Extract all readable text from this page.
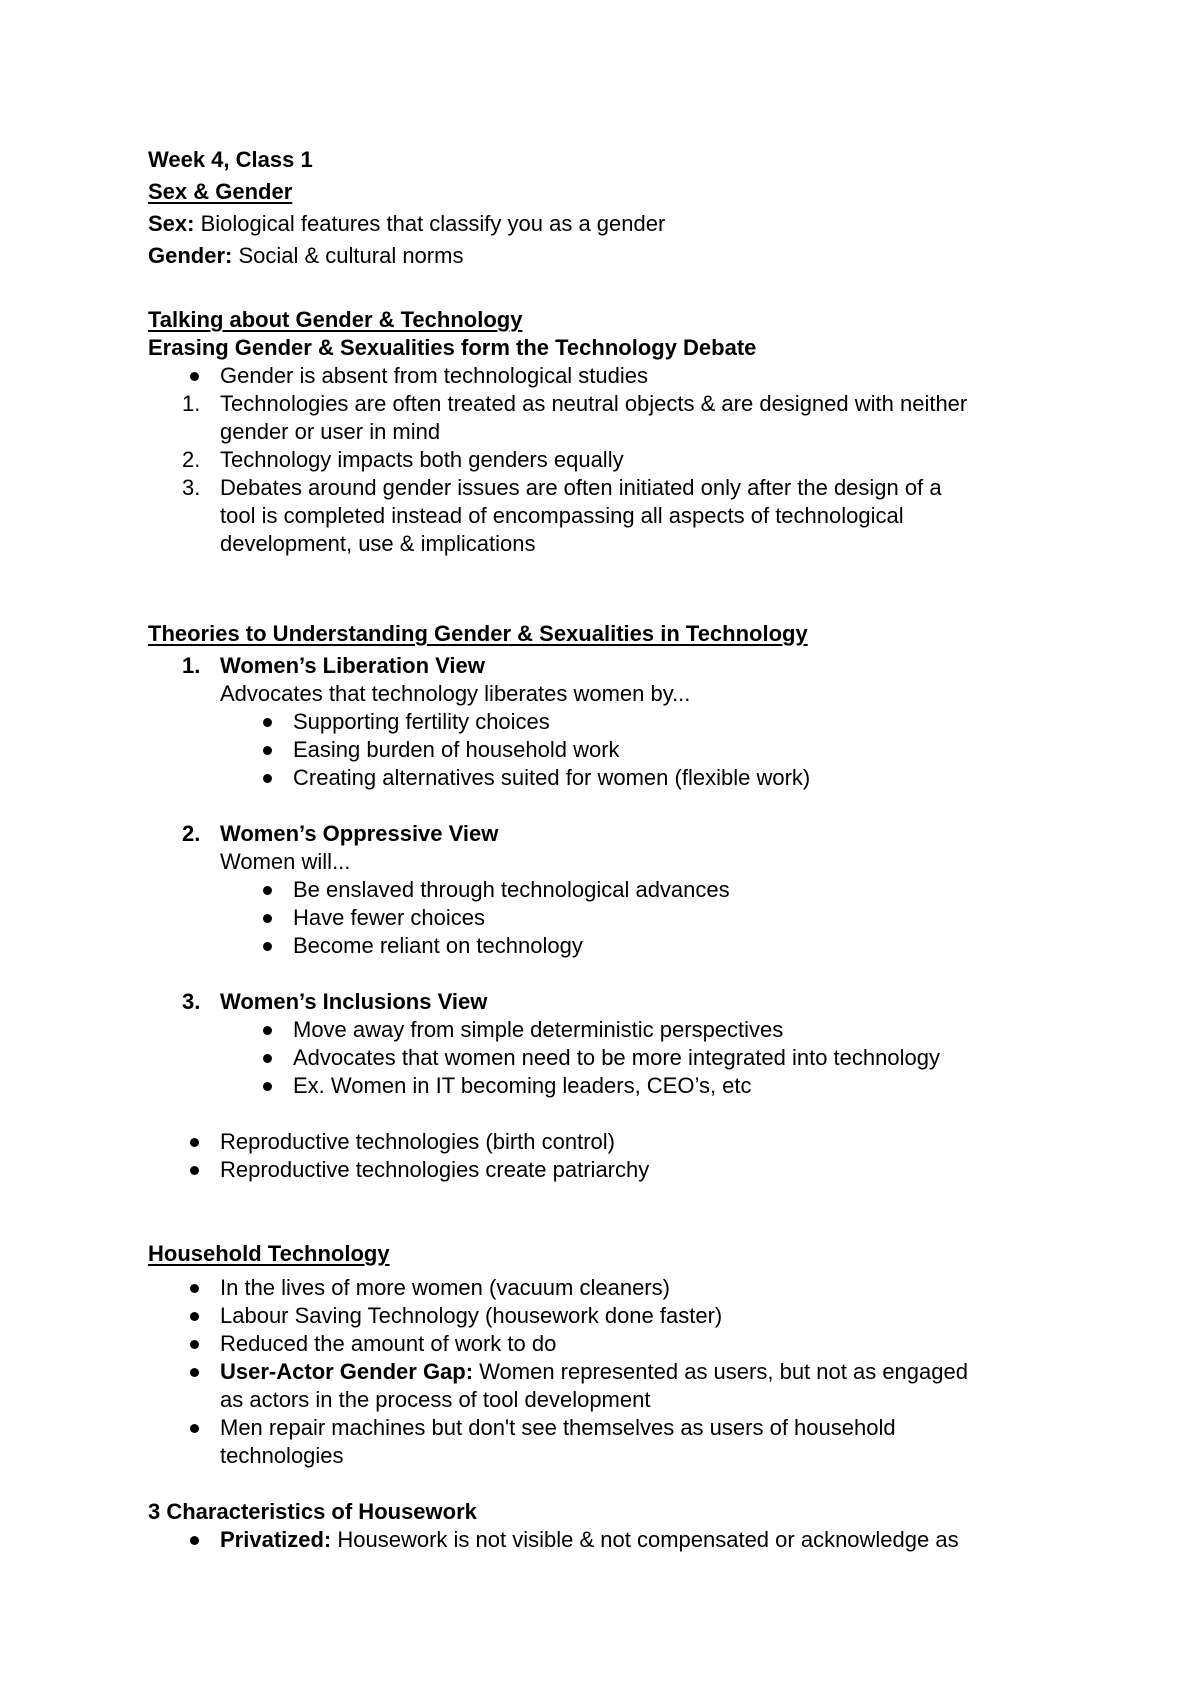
Week 4, Class 1
Sex & Gender
Sex: Biological features that classify you as a gender
Gender: Social & cultural norms
Talking about Gender & Technology
Erasing Gender & Sexualities form the Technology Debate
Gender is absent from technological studies
1. Technologies are often treated as neutral objects & are designed with neither
gender or user in mind
2. Technology impacts both genders equally
3. Debates around gender issues are often initiated only after the design of a
tool is completed instead of encompassing all aspects of technological
development, use & implications
Theories to Understanding Gender & Sexualities in Technology
1. Women’s Liberation View
Advocates that technology liberates women by...
Supporting fertility choices
Easing burden of household work
Creating alternatives suited for women (flexible work)
2. Women’s Oppressive View
Women will...
Be enslaved through technological advances
Have fewer choices
Become reliant on technology
3. Women’s Inclusions View
Move away from simple deterministic perspectives
Advocates that women need to be more integrated into technology
Ex. Women in IT becoming leaders, CEO’s, etc
Reproductive technologies (birth control)
Reproductive technologies create patriarchy
Household Technology
In the lives of more women (vacuum cleaners)
Labour Saving Technology (housework done faster)
Reduced the amount of work to do
User-Actor Gender Gap: Women represented as users, but not as engaged
as actors in the process of tool development
Men repair machines but don't see themselves as users of household
technologies
3 Characteristics of Housework
Privatized: Housework is not visible & not compensated or acknowledge as
